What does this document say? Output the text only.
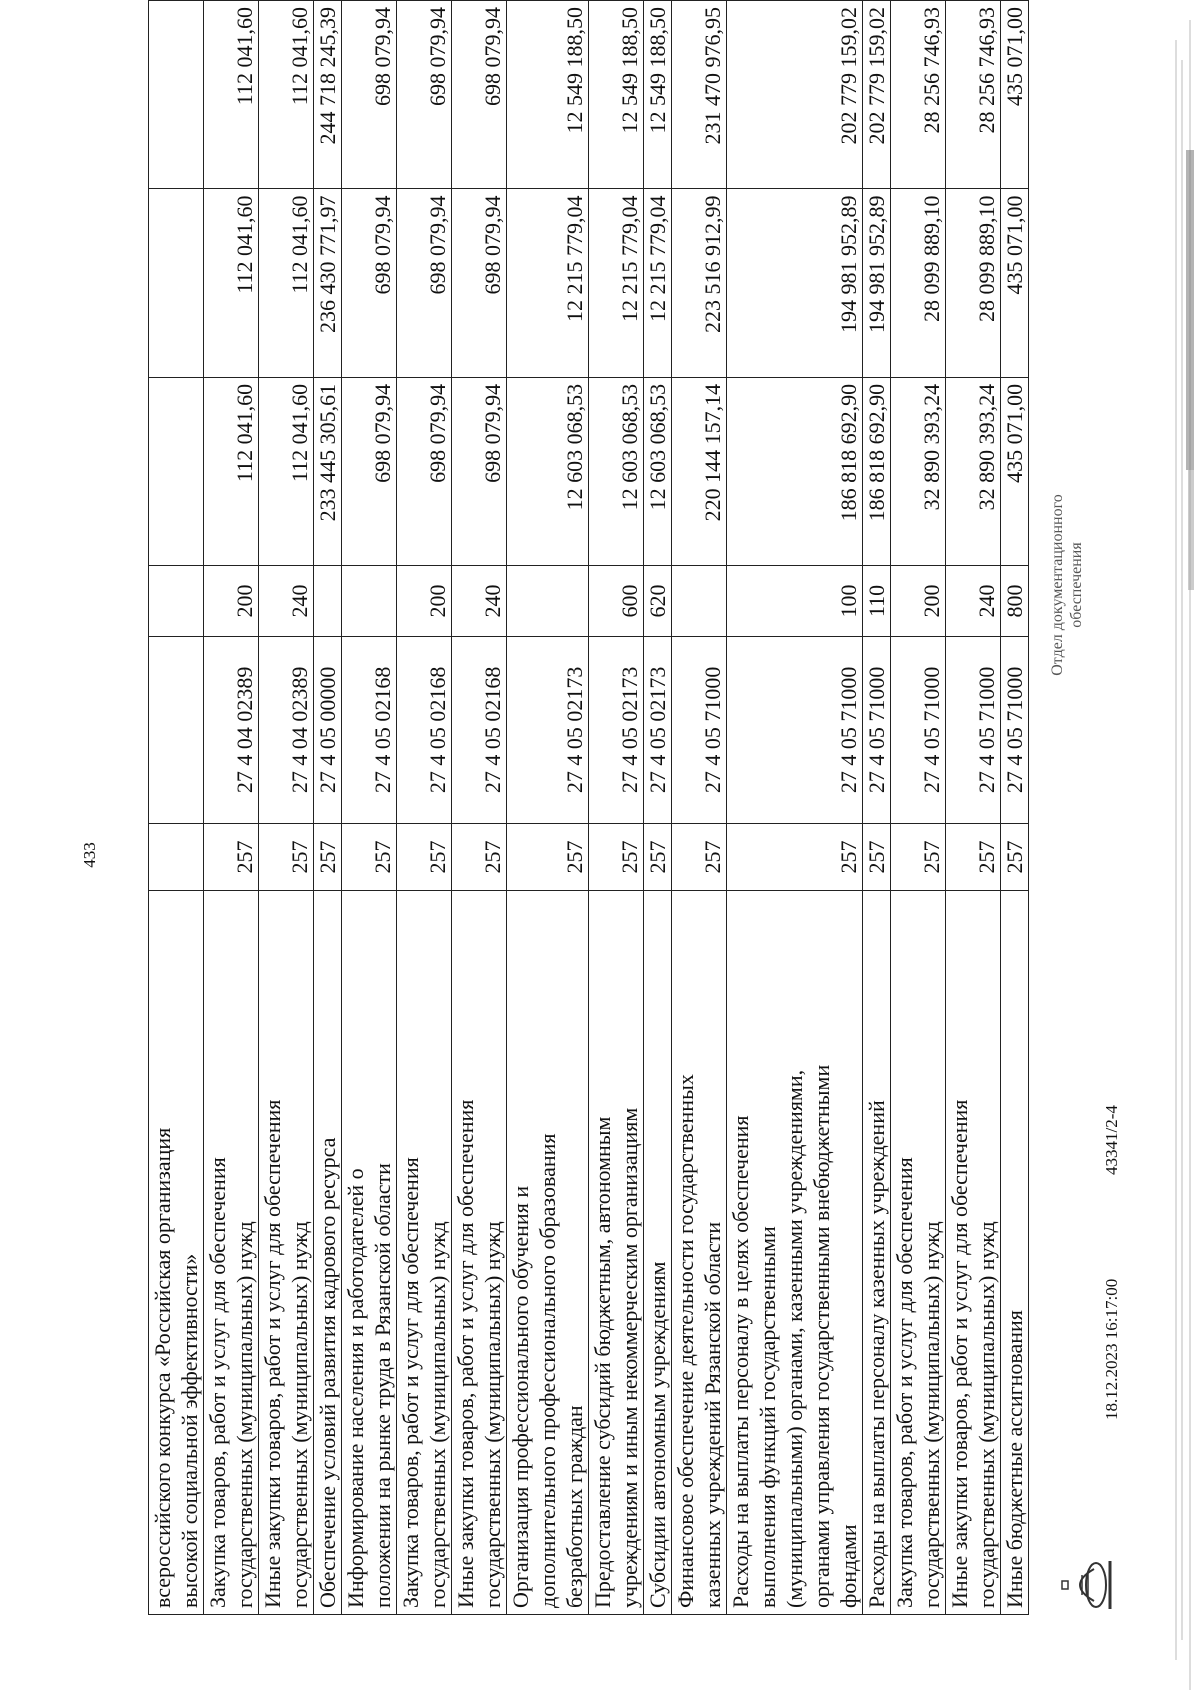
433
всероссийского конкурса «Российская организация высокой социальной эффективности»						

Закупка товаров, работ и услуг для обеспечения государственных (муниципальных) нужд	257	27 4 04 02389	200	112 041,60	112 041,60	112 041,60

Иные закупки товаров, работ и услуг для обеспечения государственных (муниципальных) нужд	257	27 4 04 02389	240	112 041,60	112 041,60	112 041,60

Обеспечение условий развития кадрового ресурса	257	27 4 05 00000		233 445 305,61	236 430 771,97	244 718 245,39

Информирование населения и работодателей о положении на рынке труда в Рязанской области	257	27 4 05 02168		698 079,94	698 079,94	698 079,94

Закупка товаров, работ и услуг для обеспечения государственных (муниципальных) нужд	257	27 4 05 02168	200	698 079,94	698 079,94	698 079,94

Иные закупки товаров, работ и услуг для обеспечения государственных (муниципальных) нужд	257	27 4 05 02168	240	698 079,94	698 079,94	698 079,94

Организация профессионального обучения и дополнительного профессионального образования безработных граждан	257	27 4 05 02173		12 603 068,53	12 215 779,04	12 549 188,50

Предоставление субсидий бюджетным, автономным учреждениям и иным некоммерческим организациям	257	27 4 05 02173	600	12 603 068,53	12 215 779,04	12 549 188,50

Субсидии автономным учреждениям	257	27 4 05 02173	620	12 603 068,53	12 215 779,04	12 549 188,50

Финансовое обеспечение деятельности государственных казенных учреждений Рязанской области	257	27 4 05 71000		220 144 157,14	223 516 912,99	231 470 976,95

Расходы на выплаты персоналу в целях обеспечения выполнения функций государственными (муниципальными) органами, казенными учреждениями, органами управления государственными внебюджетными фондами	257	27 4 05 71000	100	186 818 692,90	194 981 952,89	202 779 159,02

Расходы на выплаты персоналу казенных учреждений	257	27 4 05 71000	110	186 818 692,90	194 981 952,89	202 779 159,02

Закупка товаров, работ и услуг для обеспечения государственных (муниципальных) нужд	257	27 4 05 71000	200	32 890 393,24	28 099 889,10	28 256 746,93

Иные закупки товаров, работ и услуг для обеспечения государственных (муниципальных) нужд	257	27 4 05 71000	240	32 890 393,24	28 099 889,10	28 256 746,93

Иные бюджетные ассигнования	257	27 4 05 71000	800	435 071,00	435 071,00	435 071,00
18.12.2023 16:17:00
43341/2-4
Отдел документационного обеспечения
